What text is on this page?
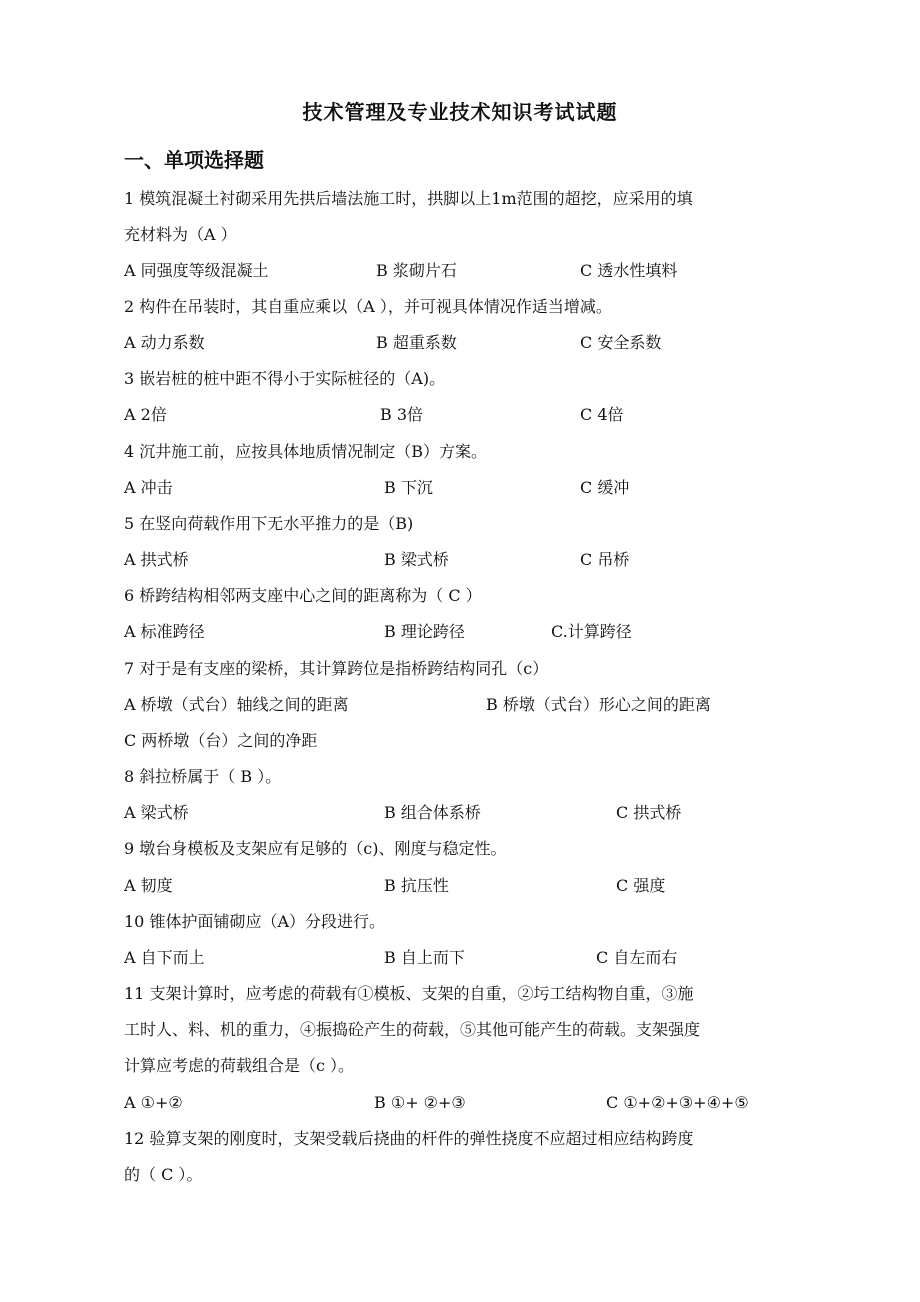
技术管理及专业技术知识考试试题
一、单项选择题
1 模筑混凝土衬砌采用先拱后墙法施工时，拱脚以上1m范围的超挖，应采用的填
充材料为（A ）
A 同强度等级混凝土	B 浆砌片石	C 透水性填料
2 构件在吊装时，其自重应乘以（A ），并可视具体情况作适当增减。
A 动力系数	B 超重系数	C 安全系数
3 嵌岩桩的桩中距不得小于实际桩径的（A)。
A 2倍	B 3倍	C 4倍
4 沉井施工前，应按具体地质情况制定（B）方案。
A 冲击	B 下沉	C 缓冲
5 在竖向荷载作用下无水平推力的是（B)
A 拱式桥	B 梁式桥	C 吊桥
6 桥跨结构相邻两支座中心之间的距离称为（ C ）
A 标准跨径	B 理论跨径	C.计算跨径
7 对于是有支座的梁桥，其计算跨位是指桥跨结构同孔（c）
A 桥墩（式台）轴线之间的距离	B 桥墩（式台）形心之间的距离
C 两桥墩（台）之间的净距
8 斜拉桥属于（ B ）。
A 梁式桥	B 组合体系桥	C 拱式桥
9 墩台身模板及支架应有足够的（c)、刚度与稳定性。
A 韧度	B 抗压性	C 强度
10 锥体护面铺砌应（A）分段进行。
A 自下而上	B 自上而下	C 自左而右
11 支架计算时，应考虑的荷载有①模板、支架的自重，②圬工结构物自重，③施
工时人、料、机的重力，④振捣砼产生的荷载，⑤其他可能产生的荷载。支架强度
计算应考虑的荷载组合是（c ）。
A ①+②	B ①+ ②+③	C ①+②+③+④+⑤
12 验算支架的刚度时，支架受载后挠曲的杆件的弹性挠度不应超过相应结构跨度
的（ C ）。
